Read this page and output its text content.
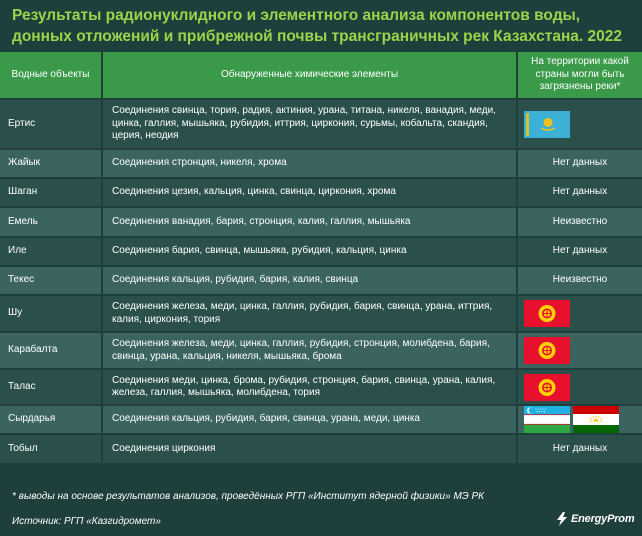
Результаты радионуклидного и элементного анализа компонентов воды, донных отложений и прибрежной почвы трансграничных рек Казахстана. 2022
Водные объекты	Обнаруженные химические элементы	На территории какой страны могли быть загрязнены реки*
Ертис	Соединения свинца, тория, радия, актиния, урана, титана, никеля, ванадия, меди, цинка, галлия, мышьяка, рубидия, иттрия, циркония, сурьмы, кобальта, скандия, церия, неодия	

Жайык	Соединения стронция, никеля, хрома	Нет данных
Шаган	Соединения цезия, кальция, цинка, свинца, циркония, хрома	Нет данных
Емель	Соединения ванадия, бария, стронция, калия, галлия, мышьяка	Неизвестно
Иле	Соединения бария, свинца, мышьяка, рубидия, кальция, цинка	Нет данных
Текес	Соединения кальция, рубидия, бария, калия, свинца	Неизвестно
Шу	Соединения железа, меди, цинка, галлия, рубидия, бария, свинца, урана, иттрия, калия, циркония, тория	

Карабалта	Соединения железа, меди, цинка, галлия, рубидия, стронция, молибдена, бария, свинца, урана, кальция, никеля, мышьяка, брома	

Талас	Соединения меди, цинка, брома, рубидия, стронция, бария, свинца, урана, калия, железа, галлия, мышьяка, молибдена, тория	

Сырдарья	Соединения кальция, рубидия, бария, свинца, урана, меди, цинка	

Тобыл	Соединения циркония	Нет данных
* выводы на основе результатов анализов, проведённых РГП «Институт ядерной физики» МЭ РК
Источник: РГП «Казгидромет»	EnergyProm
